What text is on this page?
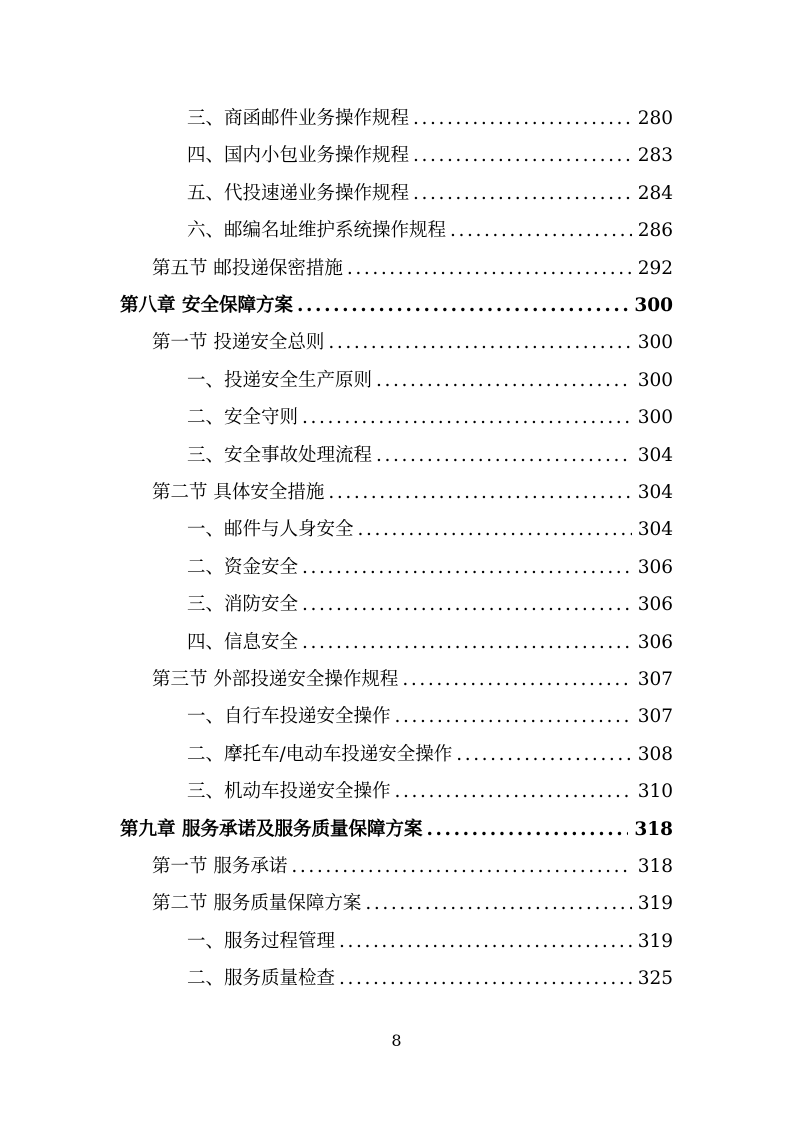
三、商函邮件业务操作规程 .....	280
四、国内小包业务操作规程 .....	283
五、代投速递业务操作规程 .....	284
六、邮编名址维护系统操作规程 .....	286
第五节 邮投递保密措施 .....	292
第八章 安全保障方案 .....	300
第一节 投递安全总则 .....	300
一、投递安全生产原则 .....	300
二、安全守则 .....	300
三、安全事故处理流程 .....	304
第二节 具体安全措施 .....	304
一、邮件与人身安全 .....	304
二、资金安全 .....	306
三、消防安全 .....	306
四、信息安全 .....	306
第三节 外部投递安全操作规程 .....	307
一、自行车投递安全操作 .....	307
二、摩托车/电动车投递安全操作 .....	308
三、机动车投递安全操作 .....	310
第九章 服务承诺及服务质量保障方案 .....	318
第一节 服务承诺 .....	318
第二节 服务质量保障方案 .....	319
一、服务过程管理 .....	319
二、服务质量检查 .....	325
8
